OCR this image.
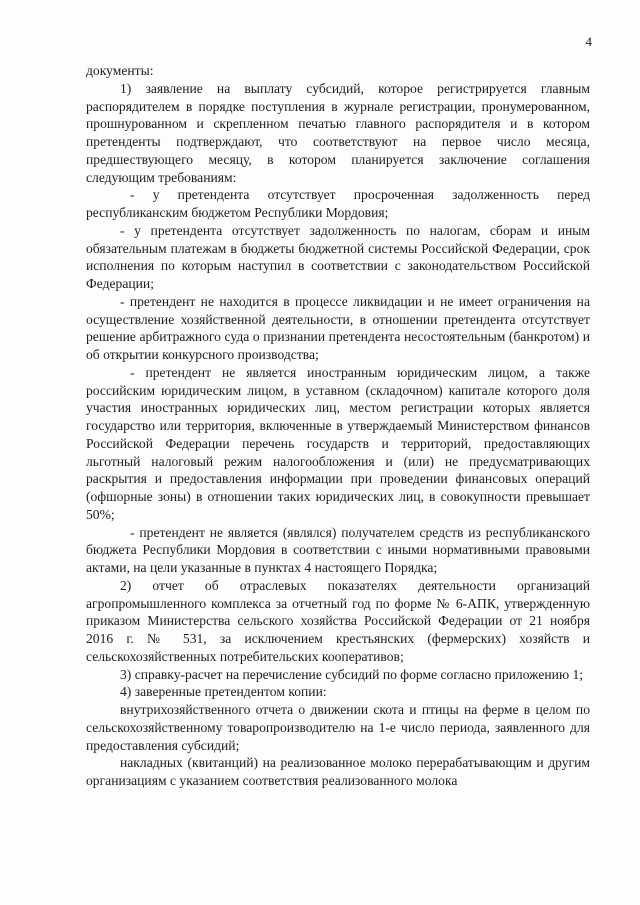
4

документы:

1) заявление на выплату субсидий, которое регистрируется главным распорядителем в порядке поступления в журнале регистрации, пронумерованном, прошнурованном и скрепленном печатью главного распорядителя и в котором претенденты подтверждают, что соответствуют на первое число месяца, предшествующего месяцу, в котором планируется заключение соглашения следующим требованиям:

- у претендента отсутствует просроченная задолженность перед республиканским бюджетом Республики Мордовия;

- у претендента отсутствует задолженность по налогам, сборам и иным обязательным платежам в бюджеты бюджетной системы Российской Федерации, срок исполнения по которым наступил в соответствии с законодательством Российской Федерации;

- претендент не находится в процессе ликвидации и не имеет ограничения на осуществление хозяйственной деятельности, в отношении претендента отсутствует решение арбитражного суда о признании претендента несостоятельным (банкротом) и об открытии конкурсного производства;

- претендент не является иностранным юридическим лицом, а также российским юридическим лицом, в уставном (складочном) капитале которого доля участия иностранных юридических лиц, местом регистрации которых является государство или территория, включенные в утверждаемый Министерством финансов Российской Федерации перечень государств и территорий, предоставляющих льготный налоговый режим налогообложения и (или) не предусматривающих раскрытия и предоставления информации при проведении финансовых операций (офшорные зоны) в отношении таких юридических лиц, в совокупности превышает 50%;

- претендент не является (являлся) получателем средств из республиканского бюджета Республики Мордовия в соответствии с иными нормативными правовыми актами, на цели указанные в пунктах 4 настоящего Порядка;

2) отчет об отраслевых показателях деятельности организаций агропромышленного комплекса за отчетный год по форме № 6-АПК, утвержденную приказом Министерства сельского хозяйства Российской Федерации от 21 ноября 2016 г. № 531, за исключением крестьянских (фермерских) хозяйств и сельскохозяйственных потребительских кооперативов;

3) справку-расчет на перечисление субсидий по форме согласно приложению 1;

4) заверенные претендентом копии:

внутрихозяйственного отчета о движении скота и птицы на ферме в целом по сельскохозяйственному товаропроизводителю на 1-е число периода, заявленного для предоставления субсидий;

накладных (квитанций) на реализованное молоко перерабатывающим и другим организациям с указанием соответствия реализованного молока
